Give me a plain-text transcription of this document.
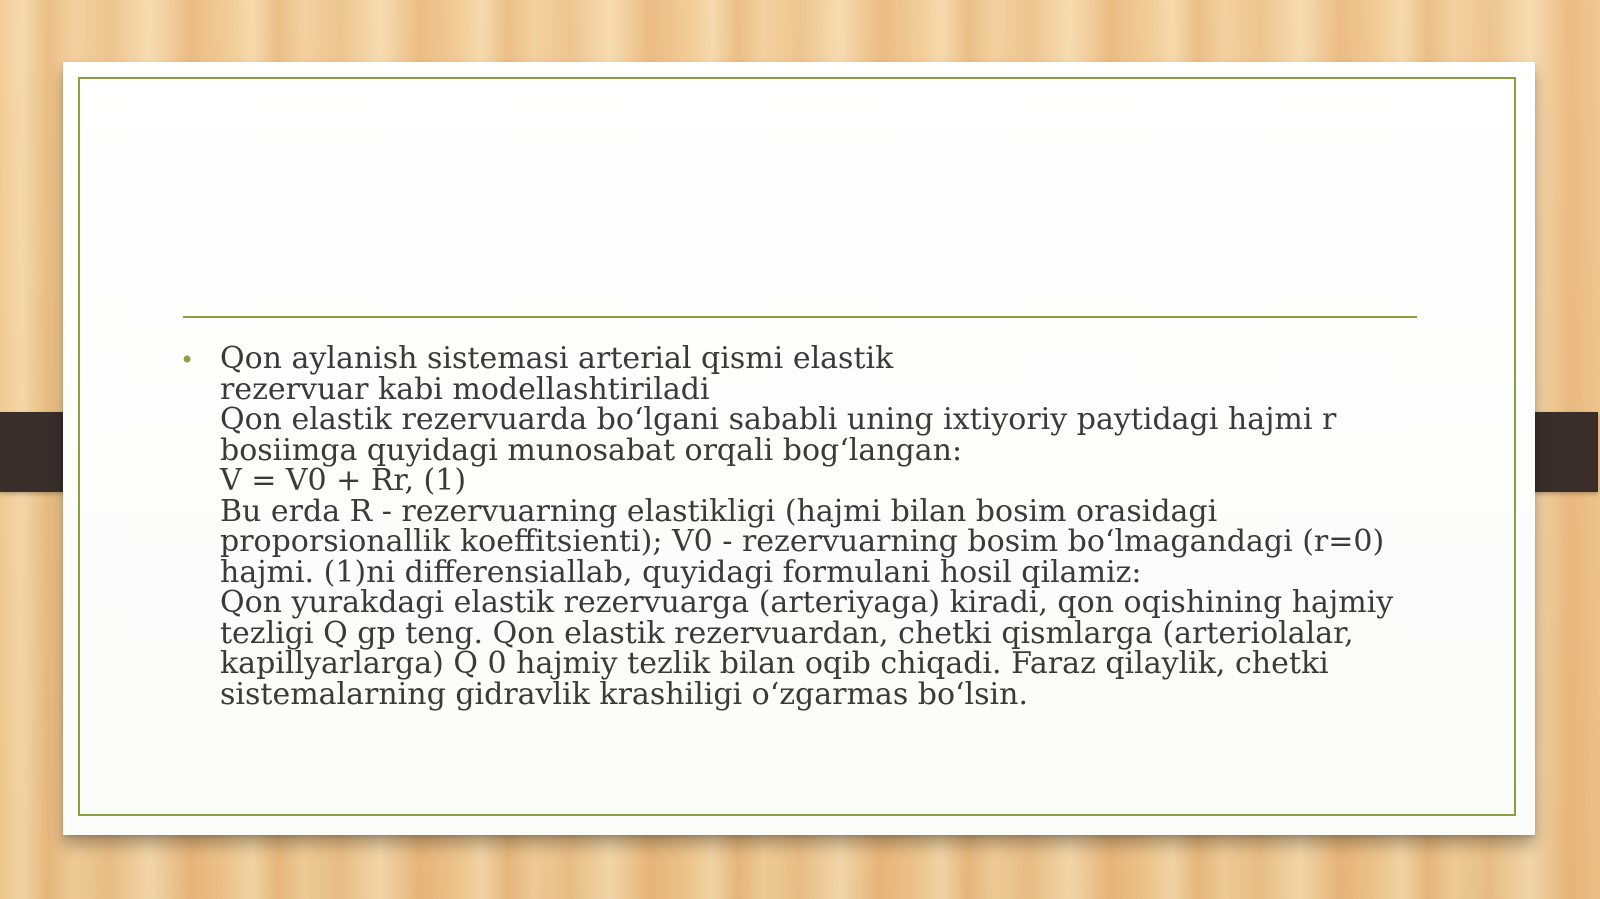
• Qon aylanish sistemasi arterial qismi elastik
rezervuar kabi modellashtiriladi
Qon elastik rezervuarda bo‘lgani sababli uning ixtiyoriy paytidagi hajmi r
bosiimga quyidagi munosabat orqali bog‘langan:
V = V0 + Rr, (1)
Bu erda R - rezervuarning elastikligi (hajmi bilan bosim orasidagi
proporsionallik koeffitsienti); V0 - rezervuarning bosim bo‘lmagandagi (r=0)
hajmi. (1)ni differensiallab, quyidagi formulani hosil qilamiz:
Qon yurakdagi elastik rezervuarga (arteriyaga) kiradi, qon oqishining hajmiy
tezligi Q gp teng. Qon elastik rezervuardan, chetki qismlarga (arteriolalar,
kapillyarlarga) Q 0 hajmiy tezlik bilan oqib chiqadi. Faraz qilaylik, chetki
sistemalarning gidravlik krashiligi o‘zgarmas bo‘lsin.
